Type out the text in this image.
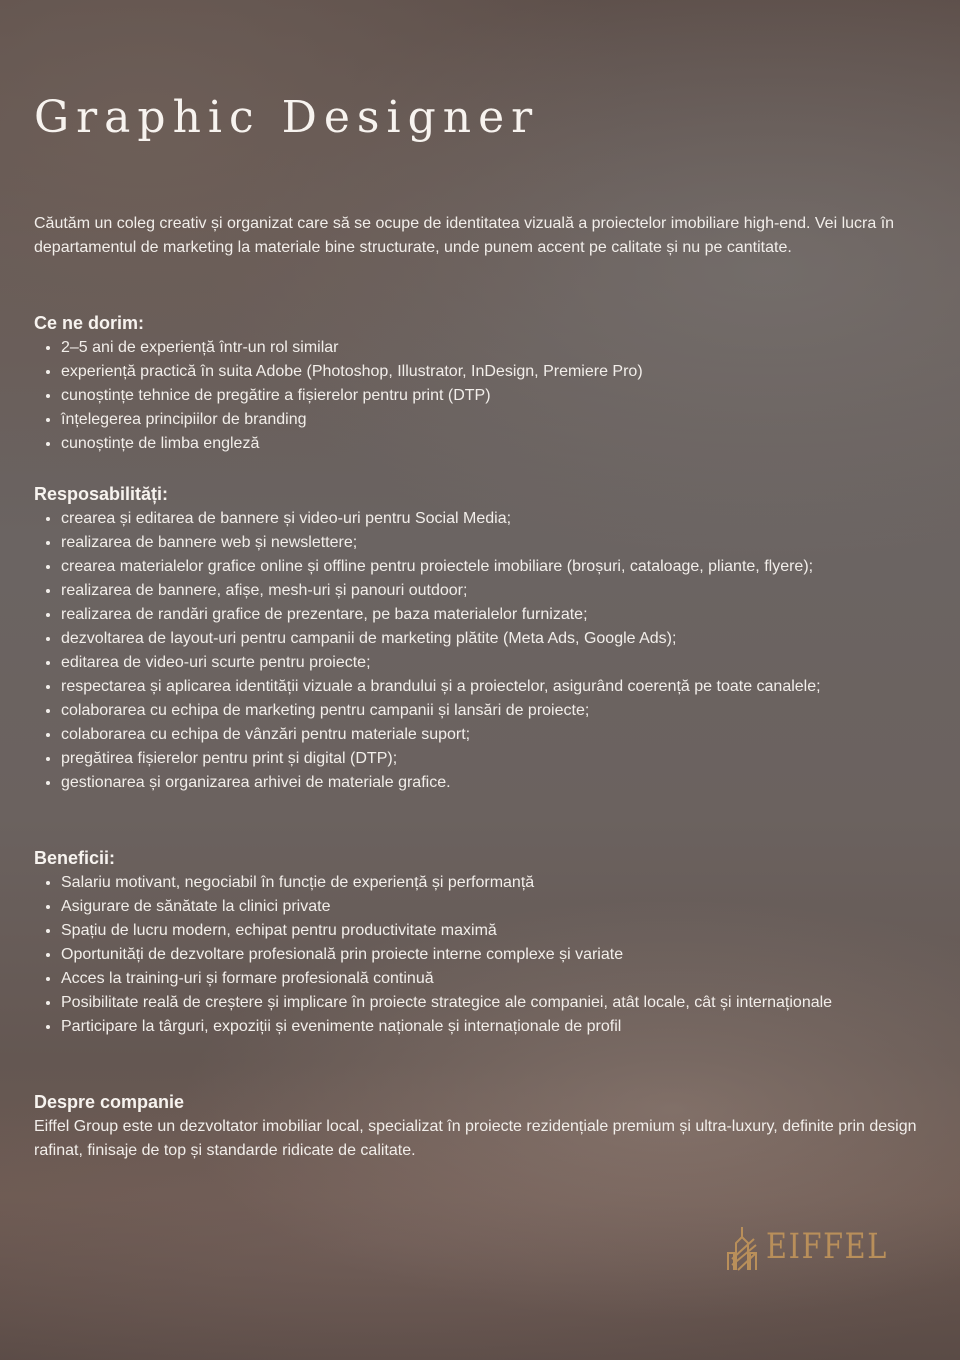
Graphic Designer

Căutăm un coleg creativ și organizat care să se ocupe de identitatea vizuală a proiectelor imobiliare high-end. Vei lucra în departamentul de marketing la materiale bine structurate, unde punem accent pe calitate și nu pe cantitate.

Ce ne dorim:
• 2–5 ani de experiență într-un rol similar
• experiență practică în suita Adobe (Photoshop, Illustrator, InDesign, Premiere Pro)
• cunoștințe tehnice de pregătire a fișierelor pentru print (DTP)
• înțelegerea principiilor de branding
• cunoștințe de limba engleză
Resposabilități:
• crearea și editarea de bannere și video-uri pentru Social Media;
• realizarea de bannere web și newslettere;
• crearea materialelor grafice online și offline pentru proiectele imobiliare (broșuri, cataloage, pliante, flyere);
• realizarea de bannere, afișe, mesh-uri și panouri outdoor;
• realizarea de randări grafice de prezentare, pe baza materialelor furnizate;
• dezvoltarea de layout-uri pentru campanii de marketing plătite (Meta Ads, Google Ads);
• editarea de video-uri scurte pentru proiecte;
• respectarea și aplicarea identității vizuale a brandului și a proiectelor, asigurând coerență pe toate canalele;
• colaborarea cu echipa de marketing pentru campanii și lansări de proiecte;
• colaborarea cu echipa de vânzări pentru materiale suport;
• pregătirea fișierelor pentru print și digital (DTP);
• gestionarea și organizarea arhivei de materiale grafice.
Beneficii:
• Salariu motivant, negociabil în funcție de experiență și performanță
• Asigurare de sănătate la clinici private
• Spațiu de lucru modern, echipat pentru productivitate maximă
• Oportunități de dezvoltare profesională prin proiecte interne complexe și variate
• Acces la training-uri și formare profesională continuă
• Posibilitate reală de creștere și implicare în proiecte strategice ale companiei, atât locale, cât și internaționale
• Participare la târguri, expoziții și evenimente naționale și internaționale de profil
Despre companie

Eiffel Group este un dezvoltator imobiliar local, specializat în proiecte rezidențiale premium și ultra-luxury, definite prin design rafinat, finisaje de top și standarde ridicate de calitate.

EIFFEL
